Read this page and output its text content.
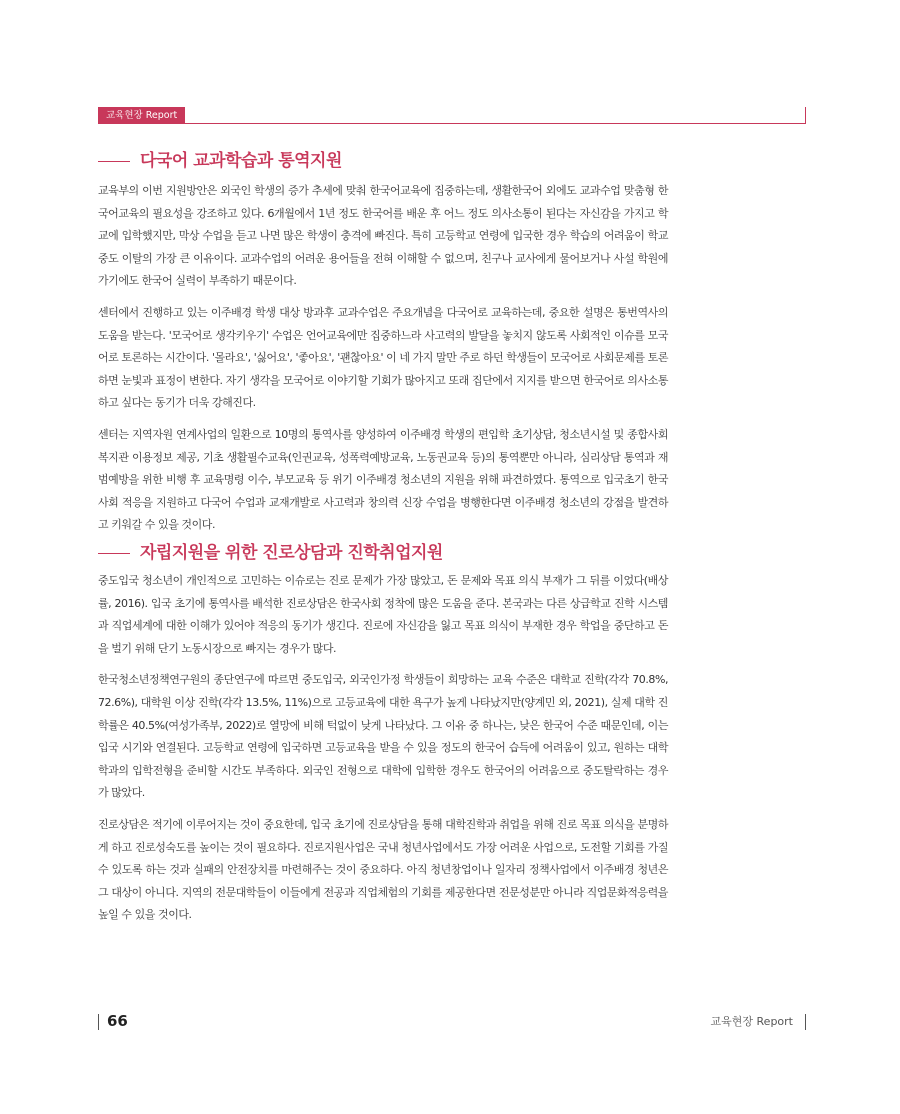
교육현장 Report
다국어 교과학습과 통역지원

교육부의 이번 지원방안은 외국인 학생의 증가 추세에 맞춰 한국어교육에 집중하는데, 생활한국어 외에도 교과수업 맞춤형 한국어교육의 필요성을 강조하고 있다. 6개월에서 1년 정도 한국어를 배운 후 어느 정도 의사소통이 된다는 자신감을 가지고 학교에 입학했지만, 막상 수업을 듣고 나면 많은 학생이 충격에 빠진다. 특히 고등학교 연령에 입국한 경우 학습의 어려움이 학교 중도 이탈의 가장 큰 이유이다. 교과수업의 어려운 용어들을 전혀 이해할 수 없으며, 친구나 교사에게 물어보거나 사설 학원에 가기에도 한국어 실력이 부족하기 때문이다.

센터에서 진행하고 있는 이주배경 학생 대상 방과후 교과수업은 주요개념을 다국어로 교육하는데, 중요한 설명은 통번역사의 도움을 받는다. '모국어로 생각키우기' 수업은 언어교육에만 집중하느라 사고력의 발달을 놓치지 않도록 사회적인 이슈를 모국어로 토론하는 시간이다. '몰라요', '싫어요', '좋아요', '괜찮아요' 이 네 가지 말만 주로 하던 학생들이 모국어로 사회문제를 토론하면 눈빛과 표정이 변한다. 자기 생각을 모국어로 이야기할 기회가 많아지고 또래 집단에서 지지를 받으면 한국어로 의사소통하고 싶다는 동기가 더욱 강해진다.

센터는 지역자원 연계사업의 일환으로 10명의 통역사를 양성하여 이주배경 학생의 편입학 초기상담, 청소년시설 및 종합사회복지관 이용정보 제공, 기초 생활필수교육(인권교육, 성폭력예방교육, 노동권교육 등)의 통역뿐만 아니라, 심리상담 통역과 재범예방을 위한 비행 후 교육명령 이수, 부모교육 등 위기 이주배경 청소년의 지원을 위해 파견하였다. 통역으로 입국초기 한국사회 적응을 지원하고 다국어 수업과 교재개발로 사고력과 창의력 신장 수업을 병행한다면 이주배경 청소년의 강점을 발견하고 키워갈 수 있을 것이다.

자립지원을 위한 진로상담과 진학취업지원

중도입국 청소년이 개인적으로 고민하는 이슈로는 진로 문제가 가장 많았고, 돈 문제와 목표 의식 부재가 그 뒤를 이었다(배상률, 2016). 입국 초기에 통역사를 배석한 진로상담은 한국사회 정착에 많은 도움을 준다. 본국과는 다른 상급학교 진학 시스템과 직업세계에 대한 이해가 있어야 적응의 동기가 생긴다. 진로에 자신감을 잃고 목표 의식이 부재한 경우 학업을 중단하고 돈을 벌기 위해 단기 노동시장으로 빠지는 경우가 많다.

한국청소년정책연구원의 종단연구에 따르면 중도입국, 외국인가정 학생들이 희망하는 교육 수준은 대학교 진학(각각 70.8%, 72.6%), 대학원 이상 진학(각각 13.5%, 11%)으로 고등교육에 대한 욕구가 높게 나타났지만(양계민 외, 2021), 실제 대학 진학률은 40.5%(여성가족부, 2022)로 열망에 비해 턱없이 낮게 나타났다. 그 이유 중 하나는, 낮은 한국어 수준 때문인데, 이는 입국 시기와 연결된다. 고등학교 연령에 입국하면 고등교육을 받을 수 있을 정도의 한국어 습득에 어려움이 있고, 원하는 대학 학과의 입학전형을 준비할 시간도 부족하다. 외국인 전형으로 대학에 입학한 경우도 한국어의 어려움으로 중도탈락하는 경우가 많았다.

진로상담은 적기에 이루어지는 것이 중요한데, 입국 초기에 진로상담을 통해 대학진학과 취업을 위해 진로 목표 의식을 분명하게 하고 진로성숙도를 높이는 것이 필요하다. 진로지원사업은 국내 청년사업에서도 가장 어려운 사업으로, 도전할 기회를 가질 수 있도록 하는 것과 실패의 안전장치를 마련해주는 것이 중요하다. 아직 청년창업이나 일자리 정책사업에서 이주배경 청년은 그 대상이 아니다. 지역의 전문대학들이 이들에게 전공과 직업체험의 기회를 제공한다면 전문성분만 아니라 직업문화적응력을 높일 수 있을 것이다.

66	교육현장 Report
